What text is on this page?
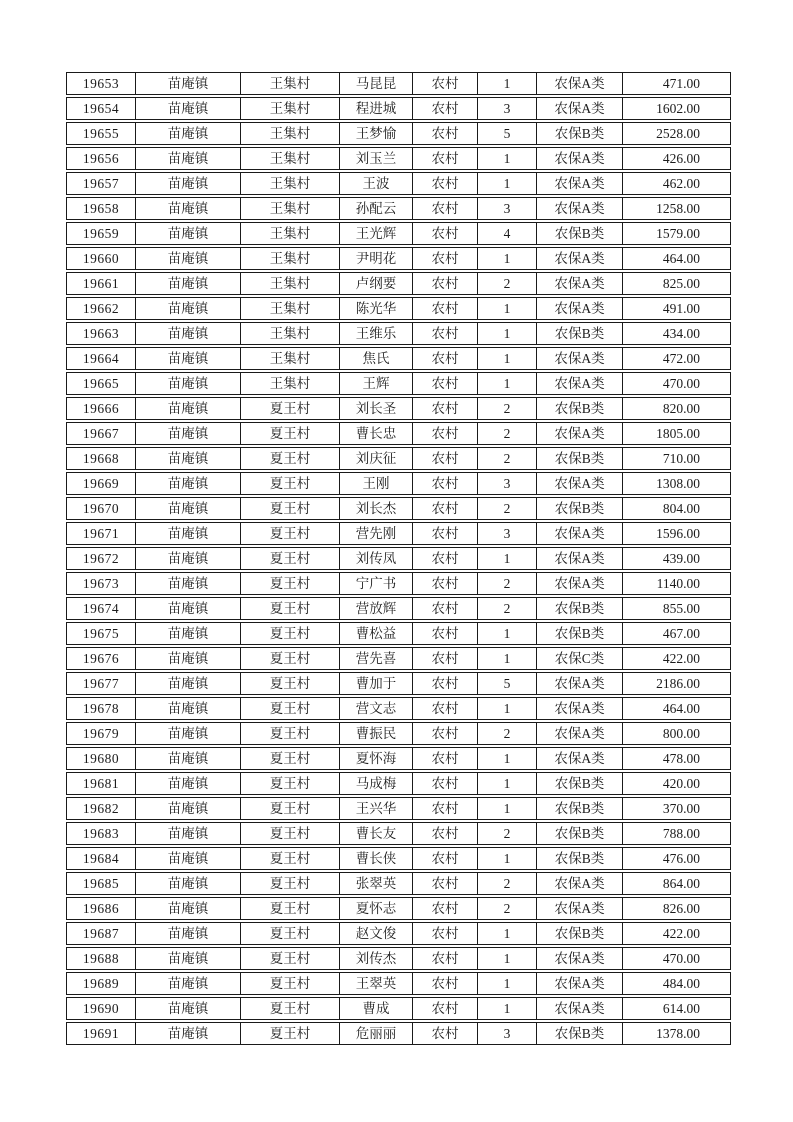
19653	苗庵镇	王集村	马昆昆	农村	1	农保A类	471.00
19654	苗庵镇	王集村	程进城	农村	3	农保A类	1602.00
19655	苗庵镇	王集村	王梦愉	农村	5	农保B类	2528.00
19656	苗庵镇	王集村	刘玉兰	农村	1	农保A类	426.00
19657	苗庵镇	王集村	王波	农村	1	农保A类	462.00
19658	苗庵镇	王集村	孙配云	农村	3	农保A类	1258.00
19659	苗庵镇	王集村	王光辉	农村	4	农保B类	1579.00
19660	苗庵镇	王集村	尹明花	农村	1	农保A类	464.00
19661	苗庵镇	王集村	卢纲要	农村	2	农保A类	825.00
19662	苗庵镇	王集村	陈光华	农村	1	农保A类	491.00
19663	苗庵镇	王集村	王维乐	农村	1	农保B类	434.00
19664	苗庵镇	王集村	焦氏	农村	1	农保A类	472.00
19665	苗庵镇	王集村	王辉	农村	1	农保A类	470.00
19666	苗庵镇	夏王村	刘长圣	农村	2	农保B类	820.00
19667	苗庵镇	夏王村	曹长忠	农村	2	农保A类	1805.00
19668	苗庵镇	夏王村	刘庆征	农村	2	农保B类	710.00
19669	苗庵镇	夏王村	王刚	农村	3	农保A类	1308.00
19670	苗庵镇	夏王村	刘长杰	农村	2	农保B类	804.00
19671	苗庵镇	夏王村	营先刚	农村	3	农保A类	1596.00
19672	苗庵镇	夏王村	刘传凤	农村	1	农保A类	439.00
19673	苗庵镇	夏王村	宁广书	农村	2	农保A类	1140.00
19674	苗庵镇	夏王村	营放辉	农村	2	农保B类	855.00
19675	苗庵镇	夏王村	曹松益	农村	1	农保B类	467.00
19676	苗庵镇	夏王村	营先喜	农村	1	农保C类	422.00
19677	苗庵镇	夏王村	曹加于	农村	5	农保A类	2186.00
19678	苗庵镇	夏王村	营文志	农村	1	农保A类	464.00
19679	苗庵镇	夏王村	曹振民	农村	2	农保A类	800.00
19680	苗庵镇	夏王村	夏怀海	农村	1	农保A类	478.00
19681	苗庵镇	夏王村	马成梅	农村	1	农保B类	420.00
19682	苗庵镇	夏王村	王兴华	农村	1	农保B类	370.00
19683	苗庵镇	夏王村	曹长友	农村	2	农保B类	788.00
19684	苗庵镇	夏王村	曹长侠	农村	1	农保B类	476.00
19685	苗庵镇	夏王村	张翠英	农村	2	农保A类	864.00
19686	苗庵镇	夏王村	夏怀志	农村	2	农保A类	826.00
19687	苗庵镇	夏王村	赵文俊	农村	1	农保B类	422.00
19688	苗庵镇	夏王村	刘传杰	农村	1	农保A类	470.00
19689	苗庵镇	夏王村	王翠英	农村	1	农保A类	484.00
19690	苗庵镇	夏王村	曹成	农村	1	农保A类	614.00
19691	苗庵镇	夏王村	危丽丽	农村	3	农保B类	1378.00
